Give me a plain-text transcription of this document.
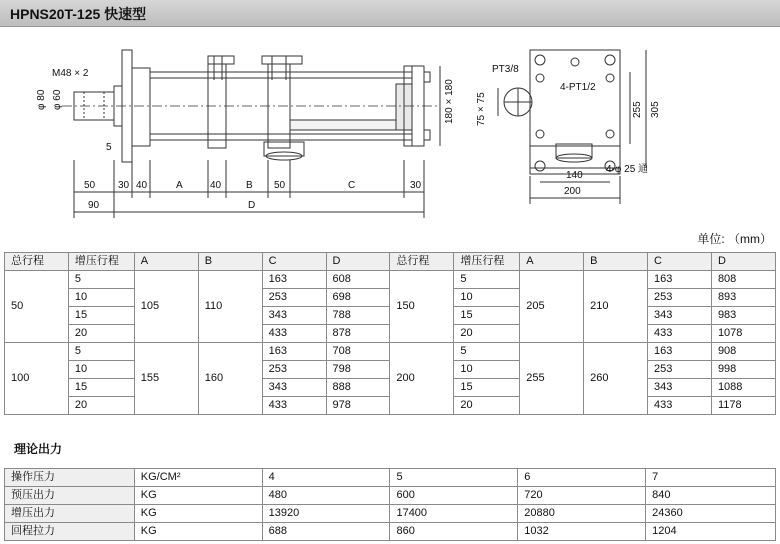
HPNS20T-125 快速型
M48 × 2
φ 80 φ 60
5
180 × 180
50 30 40	A	40 B 50	C	30
90	D
PT3/8
4-PT1/2
75 × 75	255 305
140
200
4-φ 25 通
单位: （mm）
总行程	增压行程	A	B	C	D	总行程	增压行程	A	B	C	D
50	5	105	110	163	608	150	5	205	210	163	808
	10			253	698		10			253	893
	15			343	788		15			343	983
	20			433	878		20			433	1078
100	5	155	160	163	708	200	5	255	260	163	908
	10			253	798		10			253	998
	15			343	888		15			343	1088
	20			433	978		20			433	1178
理论出力
操作压力	KG/CM²	4	5	6	7
预压出力	KG	480	600	720	840
增压出力	KG	13920	17400	20880	24360
回程拉力	KG	688	860	1032	1204
